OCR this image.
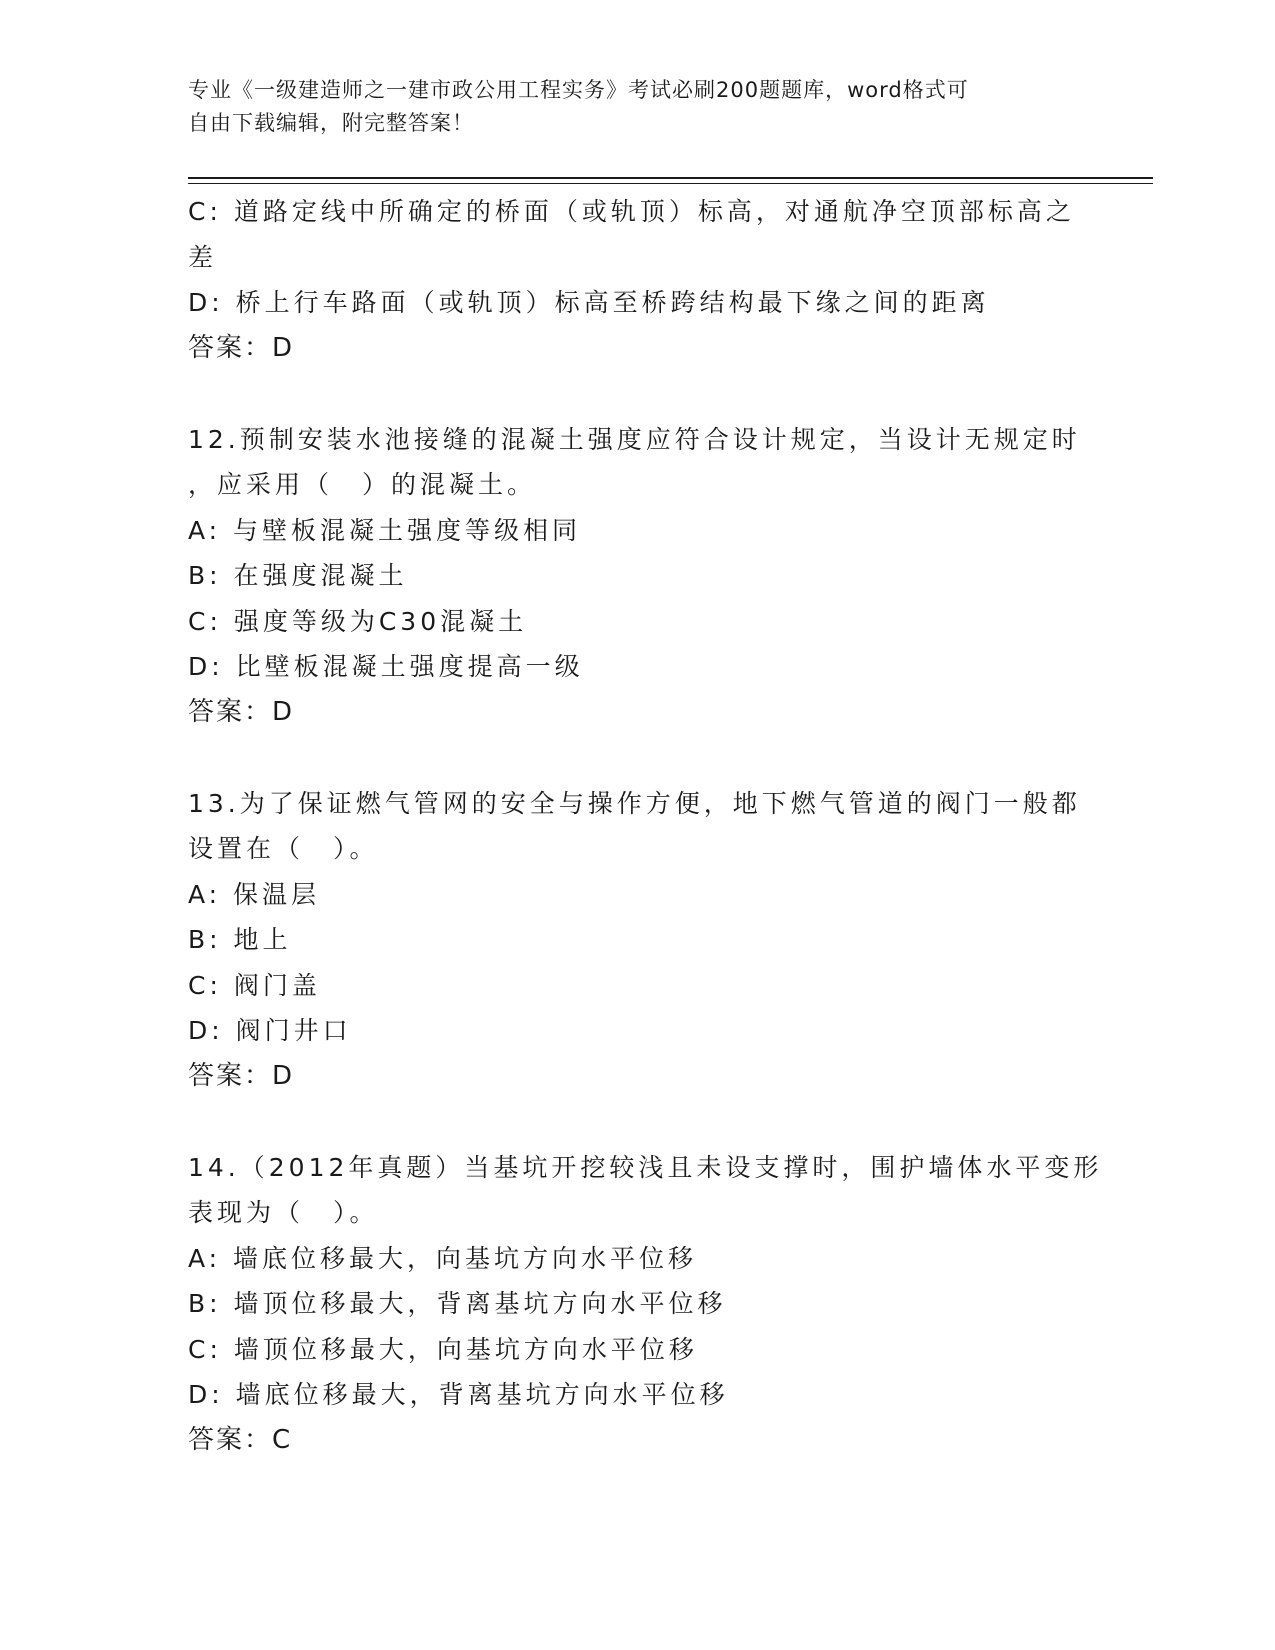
专业《一级建造师之一建市政公用工程实务》考试必刷200题题库，word格式可
自由下载编辑，附完整答案！
C: 道路定线中所确定的桥面（或轨顶）标高，对通航净空顶部标高之
差
D: 桥上行车路面（或轨顶）标高至桥跨结构最下缘之间的距离
答案：D
12.预制安装水池接缝的混凝土强度应符合设计规定，当设计无规定时
，应采用（　）的混凝土。
A: 与壁板混凝土强度等级相同
B: 在强度混凝土
C: 强度等级为C30混凝土
D: 比壁板混凝土强度提高一级
答案：D
13.为了保证燃气管网的安全与操作方便，地下燃气管道的阀门一般都
设置在（　）。
A: 保温层
B: 地上
C: 阀门盖
D: 阀门井口
答案：D
14.（2012年真题）当基坑开挖较浅且未设支撑时，围护墙体水平变形
表现为（　）。
A: 墙底位移最大，向基坑方向水平位移
B: 墙顶位移最大，背离基坑方向水平位移
C: 墙顶位移最大，向基坑方向水平位移
D: 墙底位移最大，背离基坑方向水平位移
答案：C
